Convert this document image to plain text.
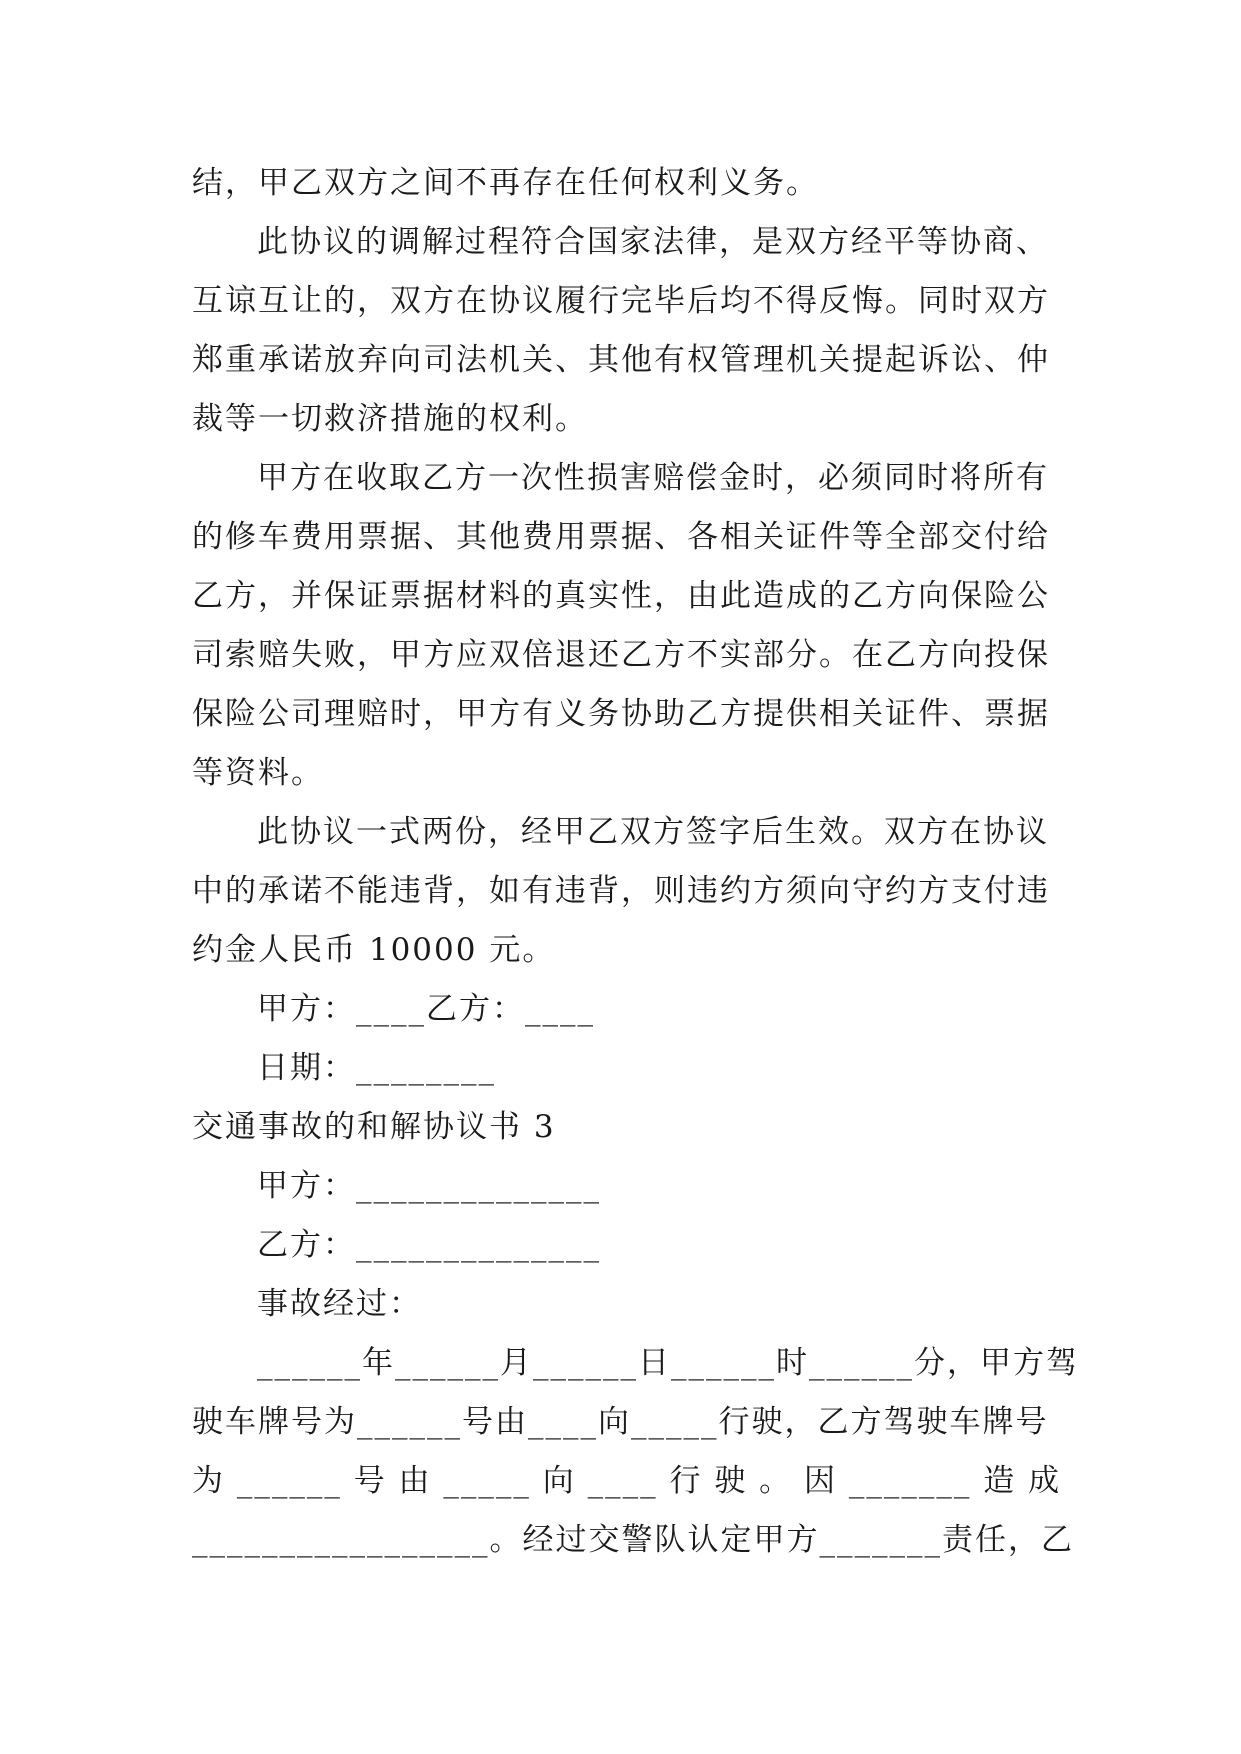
结，甲乙双方之间不再存在任何权利义务。
此协议的调解过程符合国家法律，是双方经平等协商、
互谅互让的，双方在协议履行完毕后均不得反悔。同时双方
郑重承诺放弃向司法机关、其他有权管理机关提起诉讼、仲
裁等一切救济措施的权利。
甲方在收取乙方一次性损害赔偿金时，必须同时将所有
的修车费用票据、其他费用票据、各相关证件等全部交付给
乙方，并保证票据材料的真实性，由此造成的乙方向保险公
司索赔失败，甲方应双倍退还乙方不实部分。在乙方向投保
保险公司理赔时，甲方有义务协助乙方提供相关证件、票据
等资料。
此协议一式两份，经甲乙双方签字后生效。双方在协议
中的承诺不能违背，如有违背，则违约方须向守约方支付违
约金人民币 10000 元。
甲方：____乙方：____
日期：________
交通事故的和解协议书 3
甲方：______________
乙方：______________
事故经过：
______年______月______日______时______分，甲方驾
驶车牌号为______号由____向_____行驶，乙方驾驶车牌号
为 ______ 号 由 _____ 向 ____ 行 驶 。 因 _______ 造 成
_________________。经过交警队认定甲方_______责任，乙
